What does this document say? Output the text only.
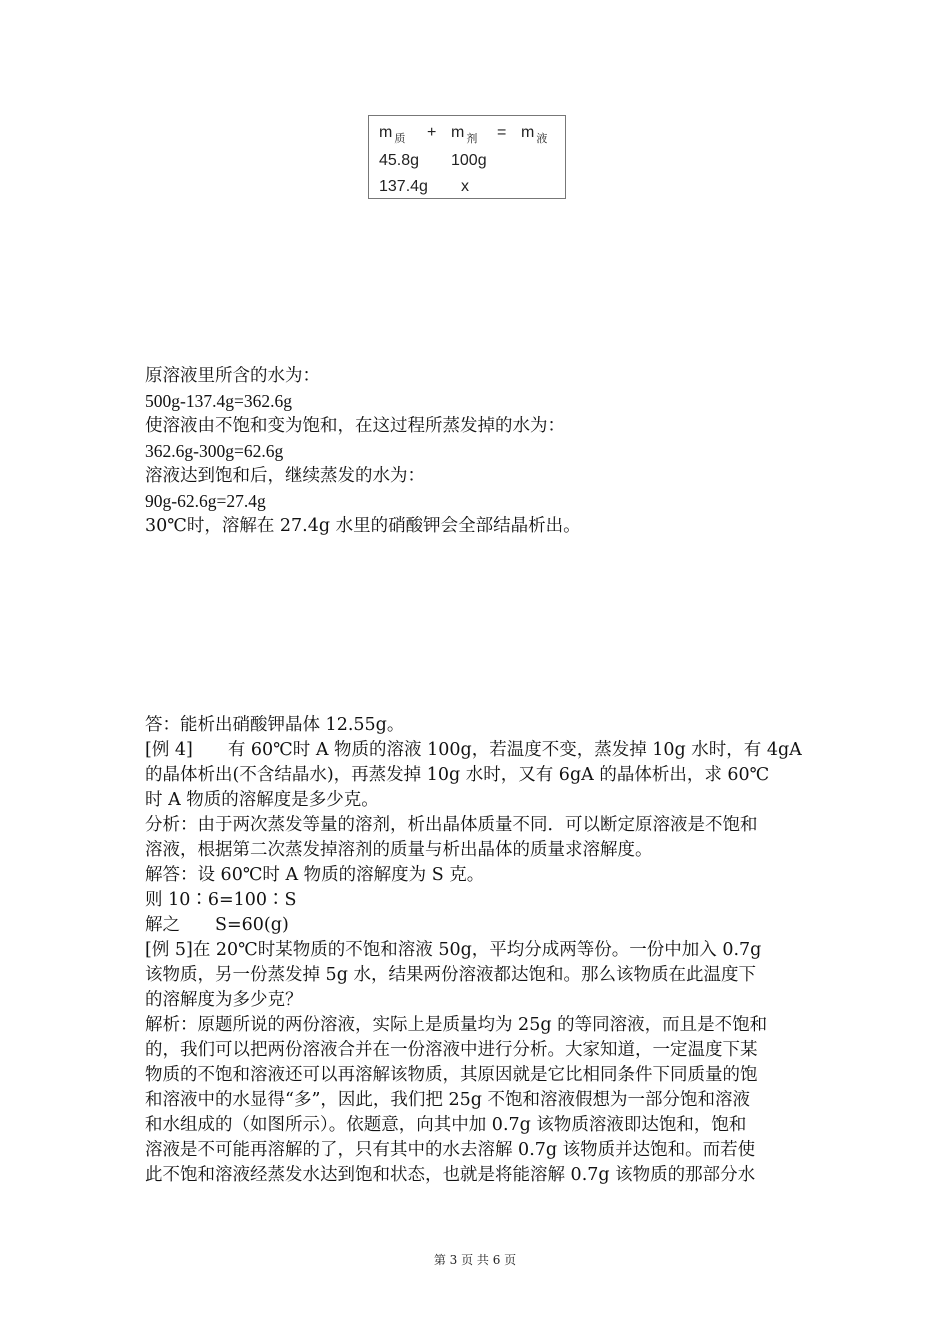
m $_质$ + m $_剂$ = m $_液$
45.8g 100g
137.4g x
原溶液里所含的水为：
500g-137.4g=362.6g
使溶液由不饱和变为饱和，在这过程所蒸发掉的水为：
362.6g-300g=62.6g
溶液达到饱和后，继续蒸发的水为：
90g-62.6g=27.4g
30℃时，溶解在 27.4g 水里的硝酸钾会全部结晶析出。
答：能析出硝酸钾晶体 12.55g。
[例 4]　　有 60℃时 A 物质的溶液 100g，若温度不变，蒸发掉 10g 水时，有 4gA
的晶体析出(不含结晶水)，再蒸发掉 10g 水时，又有 6gA 的晶体析出，求 60℃
时 A 物质的溶解度是多少克。
分析：由于两次蒸发等量的溶剂，析出晶体质量不同．可以断定原溶液是不饱和
溶液，根据第二次蒸发掉溶剂的质量与析出晶体的质量求溶解度。
解答：设 60℃时 A 物质的溶解度为 S 克。
则 10∶6=100∶S
解之　　S=60(g)
[例 5]在 20℃时某物质的不饱和溶液 50g，平均分成两等份。一份中加入 0.7g
该物质，另一份蒸发掉 5g 水，结果两份溶液都达饱和。那么该物质在此温度下
的溶解度为多少克？
解析：原题所说的两份溶液，实际上是质量均为 25g 的等同溶液，而且是不饱和
的，我们可以把两份溶液合并在一份溶液中进行分析。大家知道，一定温度下某
物质的不饱和溶液还可以再溶解该物质，其原因就是它比相同条件下同质量的饱
和溶液中的水显得“多”，因此，我们把 25g 不饱和溶液假想为一部分饱和溶液
和水组成的（如图所示）。依题意，向其中加 0.7g 该物质溶液即达饱和，饱和
溶液是不可能再溶解的了，只有其中的水去溶解 0.7g 该物质并达饱和。而若使
此不饱和溶液经蒸发水达到饱和状态，也就是将能溶解 0.7g 该物质的那部分水
第 3 页 共 6 页
